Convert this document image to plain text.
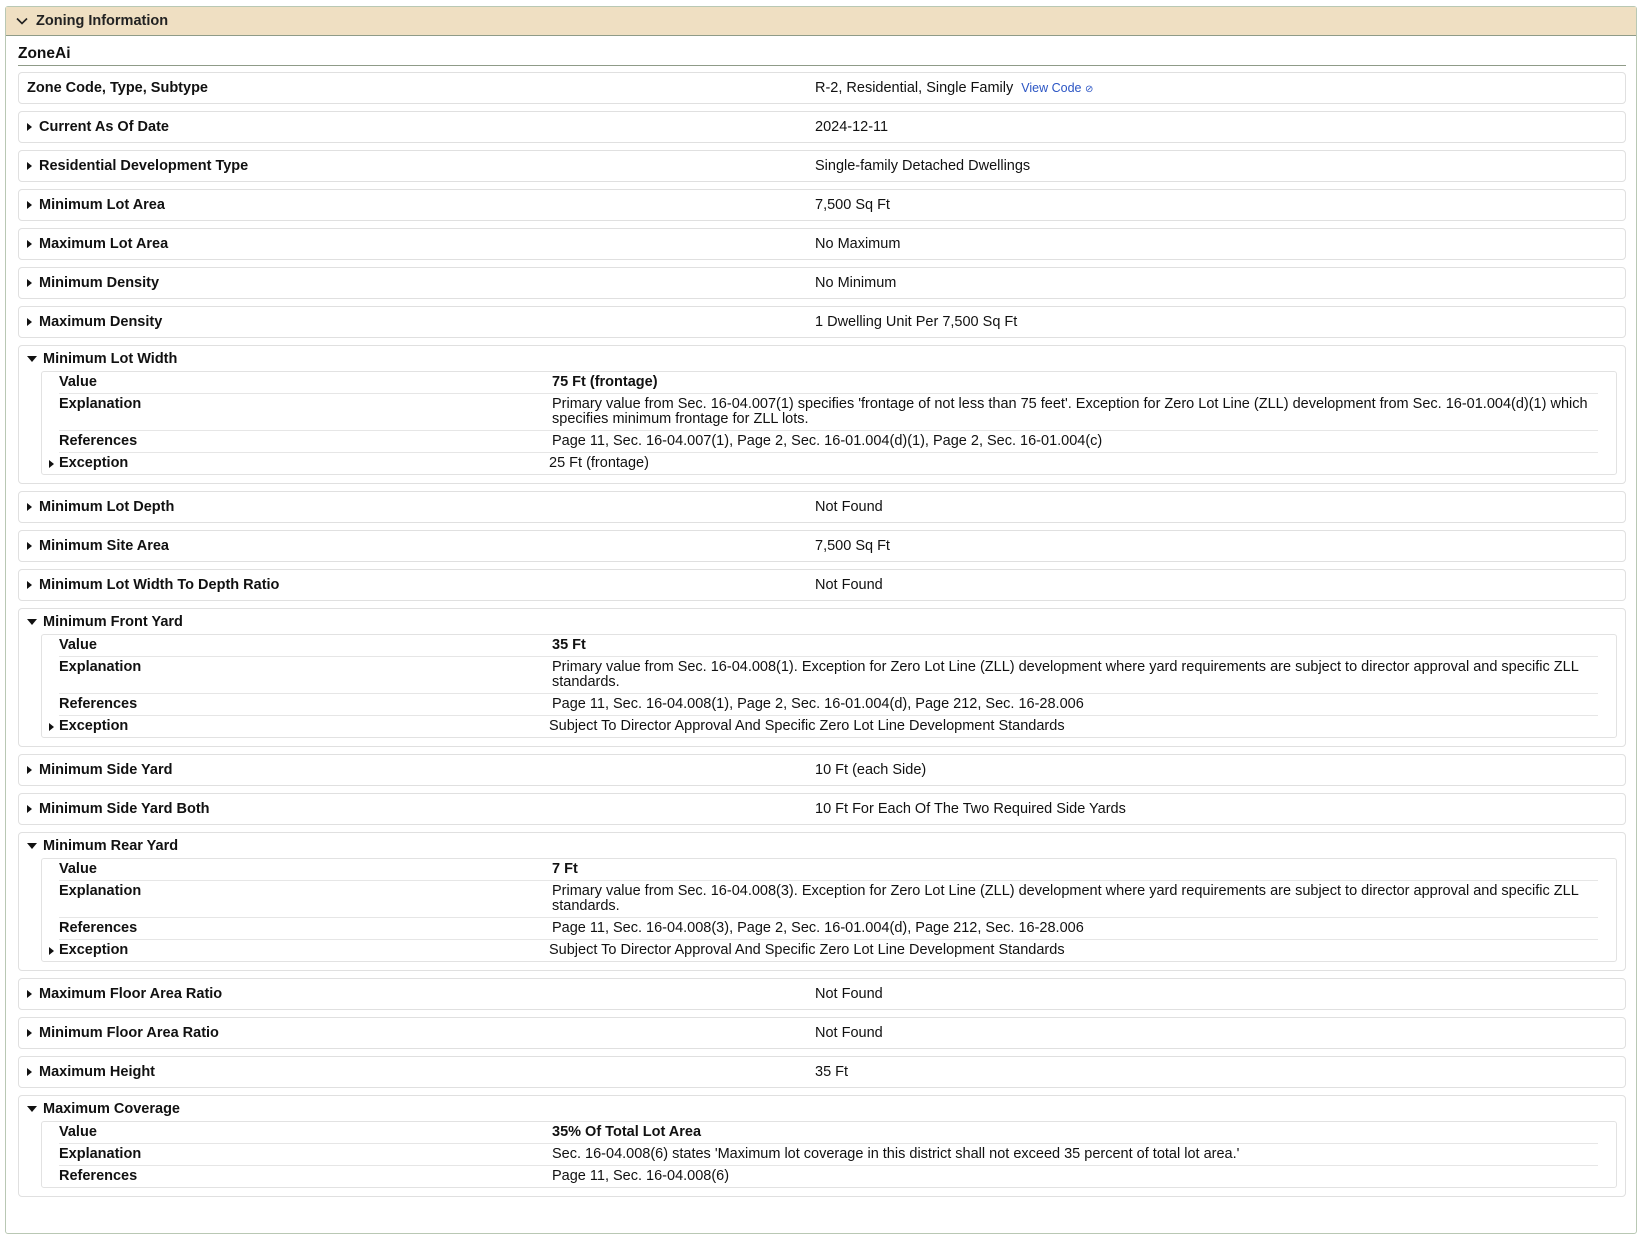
Zoning Information
ZoneAi
Zone Code, Type, Subtype	R-2, Residential, Single Family View Code ⊘
Current As Of Date	2024-12-11
Residential Development Type	Single-family Detached Dwellings
Minimum Lot Area	7,500 Sq Ft
Maximum Lot Area	No Maximum
Minimum Density	No Minimum
Maximum Density	1 Dwelling Unit Per 7,500 Sq Ft
Minimum Lot Width
Value	75 Ft (frontage)
Explanation	Primary value from Sec. 16-04.007(1) specifies 'frontage of not less than 75 feet'. Exception for Zero Lot Line (ZLL) development from Sec. 16-01.004(d)(1) which specifies minimum frontage for ZLL lots.
References	Page 11, Sec. 16-04.007(1), Page 2, Sec. 16-01.004(d)(1), Page 2, Sec. 16-01.004(c)
Exception	25 Ft (frontage)
Minimum Lot Depth	Not Found
Minimum Site Area	7,500 Sq Ft
Minimum Lot Width To Depth Ratio	Not Found
Minimum Front Yard
Value	35 Ft
Explanation	Primary value from Sec. 16-04.008(1). Exception for Zero Lot Line (ZLL) development where yard requirements are subject to director approval and specific ZLL standards.
References	Page 11, Sec. 16-04.008(1), Page 2, Sec. 16-01.004(d), Page 212, Sec. 16-28.006
Exception	Subject To Director Approval And Specific Zero Lot Line Development Standards
Minimum Side Yard	10 Ft (each Side)
Minimum Side Yard Both	10 Ft For Each Of The Two Required Side Yards
Minimum Rear Yard
Value	7 Ft
Explanation	Primary value from Sec. 16-04.008(3). Exception for Zero Lot Line (ZLL) development where yard requirements are subject to director approval and specific ZLL standards.
References	Page 11, Sec. 16-04.008(3), Page 2, Sec. 16-01.004(d), Page 212, Sec. 16-28.006
Exception	Subject To Director Approval And Specific Zero Lot Line Development Standards
Maximum Floor Area Ratio	Not Found
Minimum Floor Area Ratio	Not Found
Maximum Height	35 Ft
Maximum Coverage
Value	35% Of Total Lot Area
Explanation	Sec. 16-04.008(6) states 'Maximum lot coverage in this district shall not exceed 35 percent of total lot area.'
References	Page 11, Sec. 16-04.008(6)
